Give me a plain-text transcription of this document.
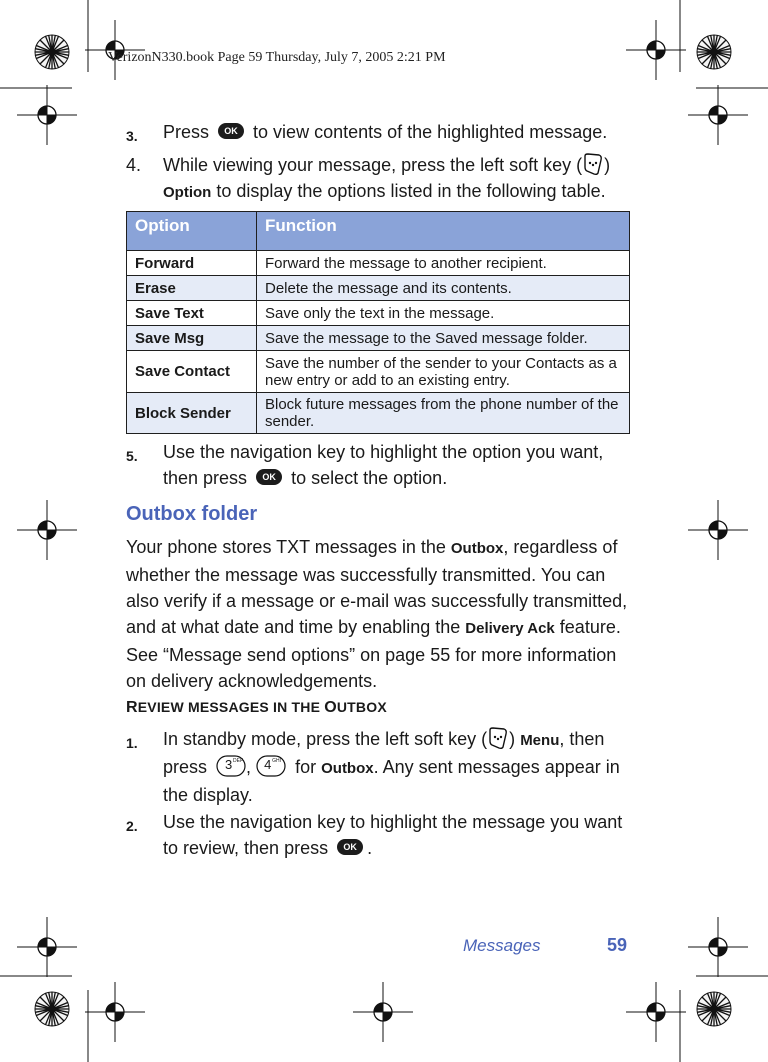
VerizonN330.book Page 59 Thursday, July 7, 2005 2:21 PM
3. Press OK to view contents of the highlighted message.
4. While viewing your message, press the left soft key ( )
Option to display the options listed in the following table.
Option	Function
Forward	Forward the message to another recipient.
Erase	Delete the message and its contents.
Save Text	Save only the text in the message.
Save Msg	Save the message to the Saved message folder.
Save Contact	Save the number of the sender to your Contacts as a new entry or add to an existing entry.
Block Sender	Block future messages from the phone number of the sender.
5. Use the navigation key to highlight the option you want, then press OK to select the option.
Outbox folder
Your phone stores TXT messages in the Outbox, regardless of whether the message was successfully transmitted. You can also verify if a message or e-mail was successfully transmitted, and at what date and time by enabling the Delivery Ack feature. See “Message send options” on page 55 for more information on delivery acknowledgements.
REVIEW MESSAGES IN THE OUTBOX
1. In standby mode, press the left soft key ( ) Menu, then press 3 DEF , 4 GHI for Outbox. Any sent messages appear in the display.
2. Use the navigation key to highlight the message you want to review, then press OK .
Messages	59
